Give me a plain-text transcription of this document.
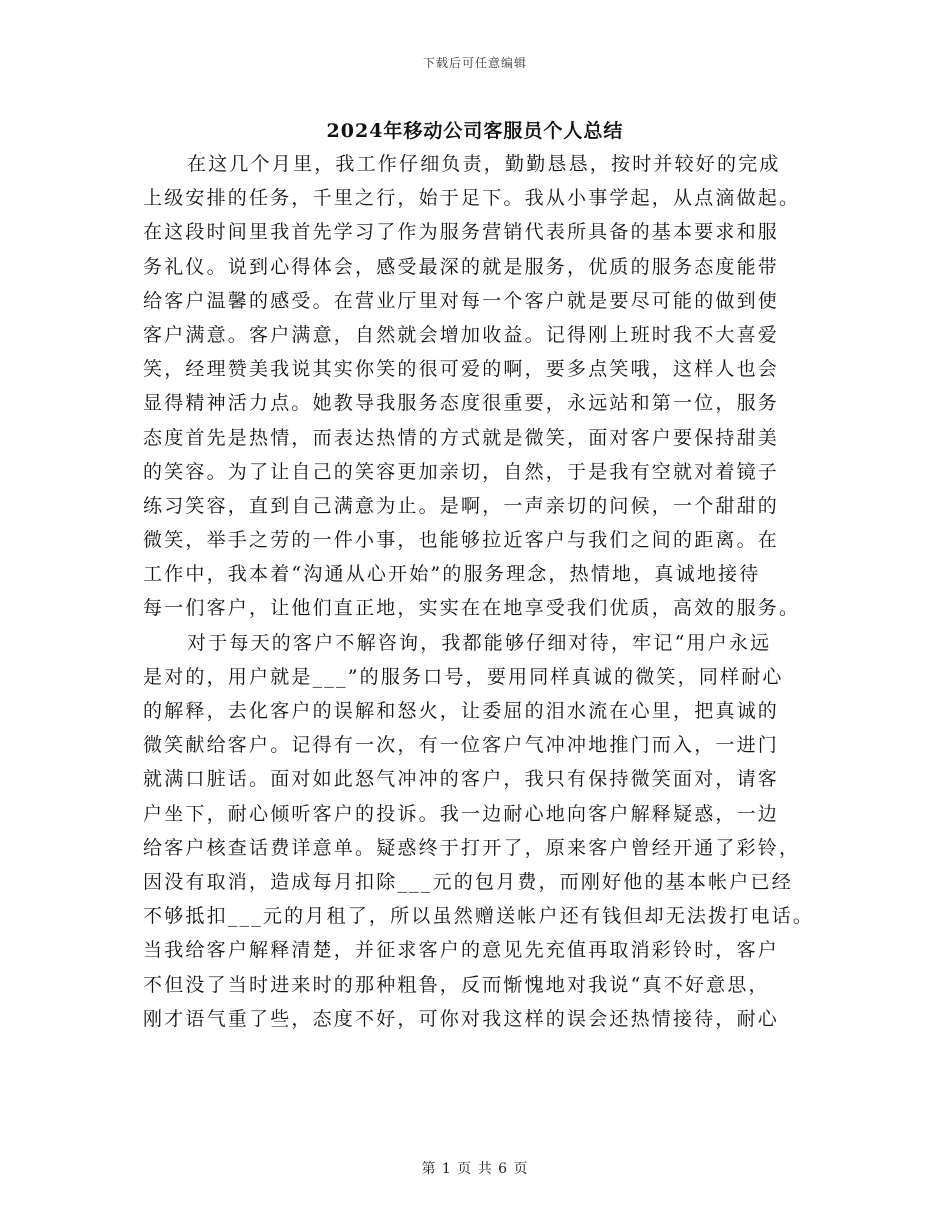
下载后可任意编辑
2024年移动公司客服员个人总结
在这几个月里，我工作仔细负责，勤勤恳恳，按时并较好的完成
上级安排的任务，千里之行，始于足下。我从小事学起，从点滴做起。
在这段时间里我首先学习了作为服务营销代表所具备的基本要求和服
务礼仪。说到心得体会，感受最深的就是服务，优质的服务态度能带
给客户温馨的感受。在营业厅里对每一个客户就是要尽可能的做到使
客户满意。客户满意，自然就会增加收益。记得刚上班时我不大喜爱
笑，经理赞美我说其实你笑的很可爱的啊，要多点笑哦，这样人也会
显得精神活力点。她教导我服务态度很重要，永远站和第一位，服务
态度首先是热情，而表达热情的方式就是微笑，面对客户要保持甜美
的笑容。为了让自己的笑容更加亲切，自然，于是我有空就对着镜子
练习笑容，直到自己满意为止。是啊，一声亲切的问候，一个甜甜的
微笑，举手之劳的一件小事，也能够拉近客户与我们之间的距离。在
工作中，我本着“沟通从心开始”的服务理念，热情地，真诚地接待
每一们客户，让他们直正地，实实在在地享受我们优质，高效的服务。
对于每天的客户不解咨询，我都能够仔细对待，牢记“用户永远
是对的，用户就是___”的服务口号，要用同样真诚的微笑，同样耐心
的解释，去化客户的误解和怒火，让委屈的泪水流在心里，把真诚的
微笑献给客户。记得有一次，有一位客户气冲冲地推门而入，一进门
就满口脏话。面对如此怒气冲冲的客户，我只有保持微笑面对，请客
户坐下，耐心倾听客户的投诉。我一边耐心地向客户解释疑惑，一边
给客户核查话费详意单。疑惑终于打开了，原来客户曾经开通了彩铃，
因没有取消，造成每月扣除___元的包月费，而刚好他的基本帐户已经
不够抵扣___元的月租了，所以虽然赠送帐户还有钱但却无法拨打电话。
当我给客户解释清楚，并征求客户的意见先充值再取消彩铃时，客户
不但没了当时进来时的那种粗鲁，反而惭愧地对我说“真不好意思，
刚才语气重了些，态度不好，可你对我这样的误会还热情接待，耐心
第 1 页 共 6 页
